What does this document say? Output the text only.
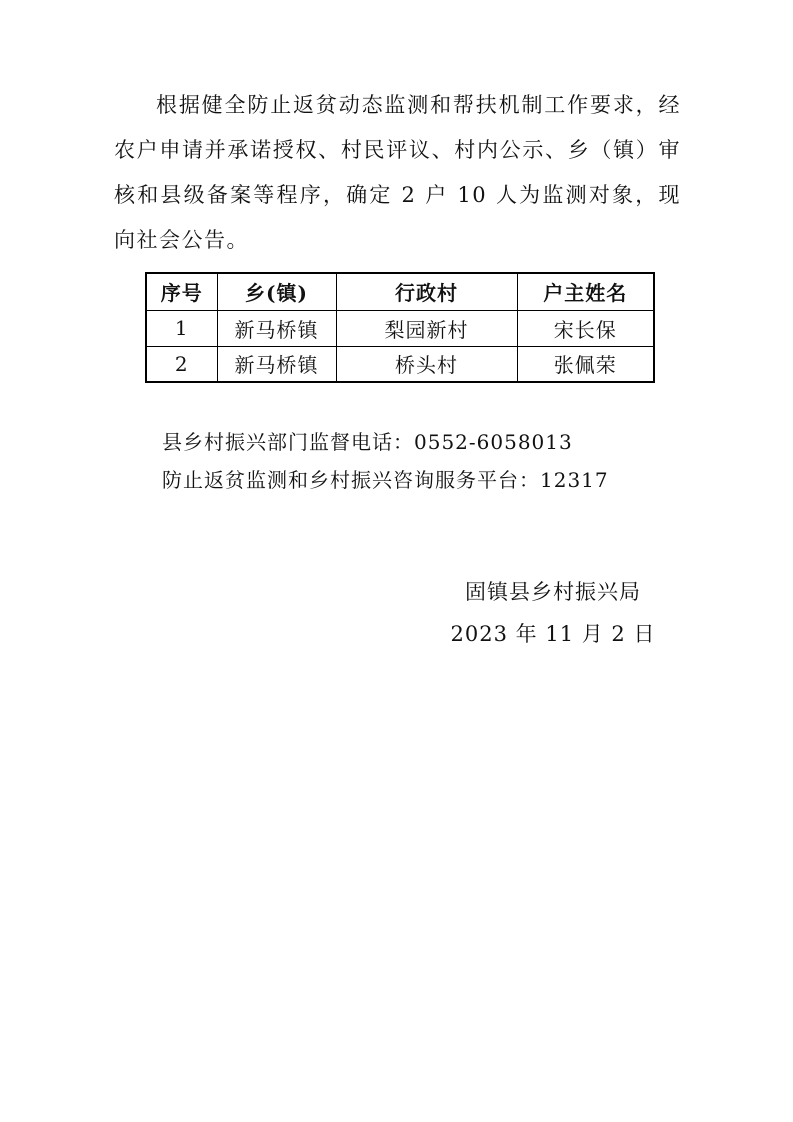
根据健全防止返贫动态监测和帮扶机制工作要求，经农户申请并承诺授权、村民评议、村内公示、乡（镇）审核和县级备案等程序，确定 2 户 10 人为监测对象，现向社会公告。

序号	乡(镇)	行政村	户主姓名
1	新马桥镇	梨园新村	宋长保
2	新马桥镇	桥头村	张佩荣
县乡村振兴部门监督电话：0552-6058013
防止返贫监测和乡村振兴咨询服务平台：12317
固镇县乡村振兴局
2023 年 11 月 2 日
